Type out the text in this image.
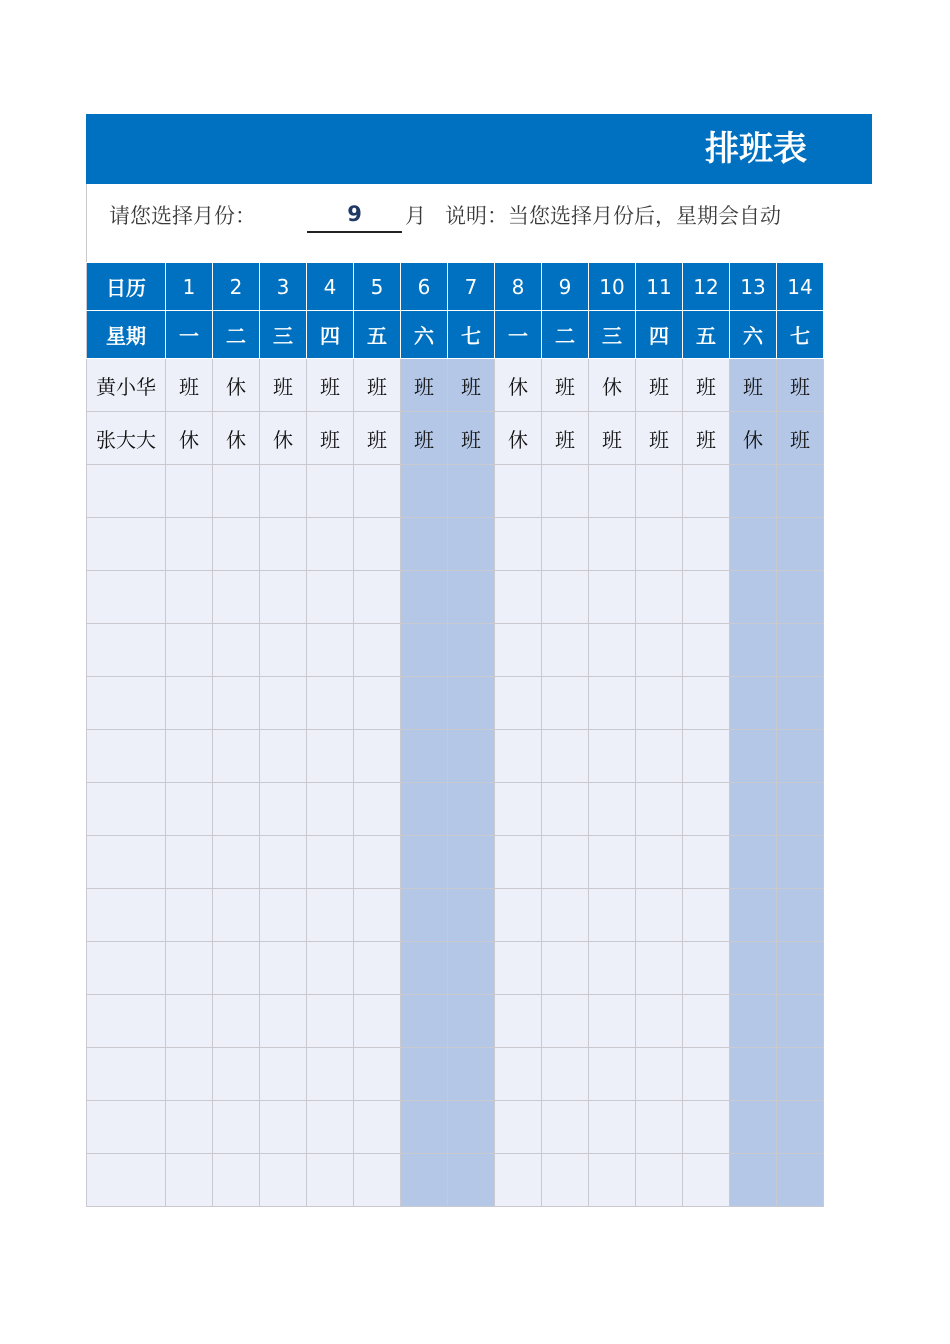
排班表
请您选择月份：	9	月 说明：当您选择月份后，星期会自动
日历	1	2	3	4	5	6	7	8	9	10	11	12	13	14
星期	一	二	三	四	五	六	七	一	二	三	四	五	六	七
黄小华	班	休	班	班	班	班	班	休	班	休	班	班	班	班
张大大	休	休	休	班	班	班	班	休	班	班	班	班	休	班
